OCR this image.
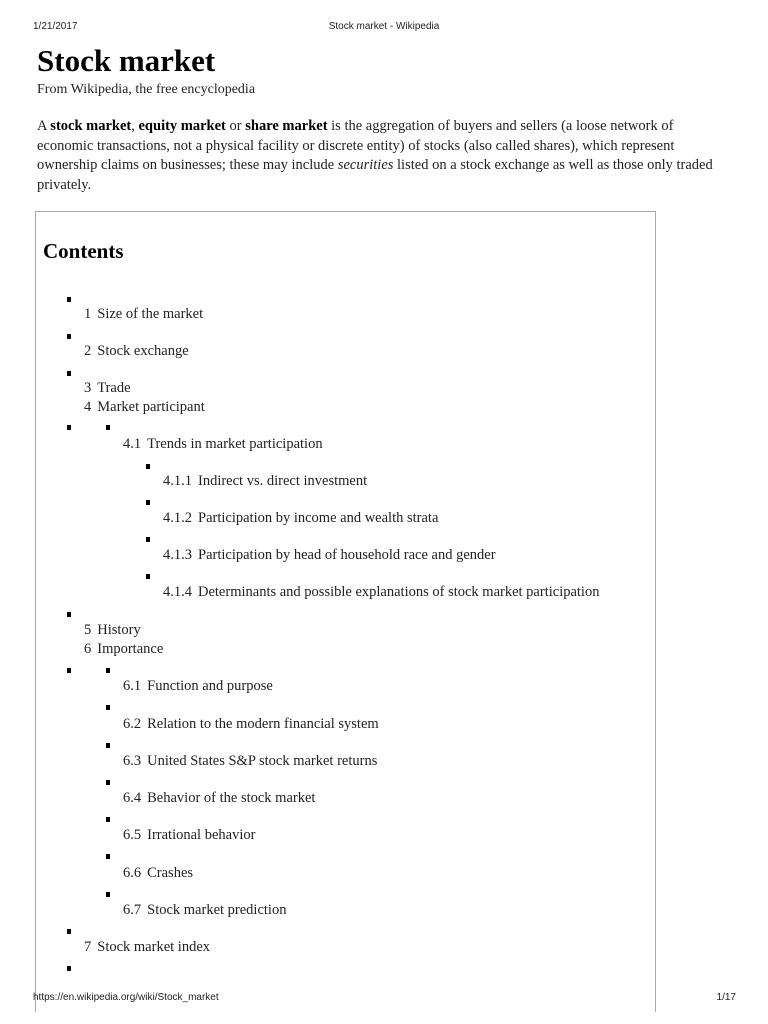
1/21/2017	Stock market - Wikipedia
Stock market
From Wikipedia, the free encyclopedia

A stock market, equity market or share market is the aggregation of buyers and sellers (a loose network of economic transactions, not a physical facility or discrete entity) of stocks (also called shares), which represent ownership claims on businesses; these may include securities listed on a stock exchange as well as those only traded privately.

Contents
1 Size of the market
2 Stock exchange
3 Trade
4 Market participant
4.1 Trends in market participation
4.1.1 Indirect vs. direct investment
4.1.2 Participation by income and wealth strata
4.1.3 Participation by head of household race and gender
4.1.4 Determinants and possible explanations of stock market participation
5 History
6 Importance
6.1 Function and purpose
6.2 Relation to the modern financial system
6.3 United States S&P stock market returns
6.4 Behavior of the stock market
6.5 Irrational behavior
6.6 Crashes
6.7 Stock market prediction
7 Stock market index
https://en.wikipedia.org/wiki/Stock_market	1/17
